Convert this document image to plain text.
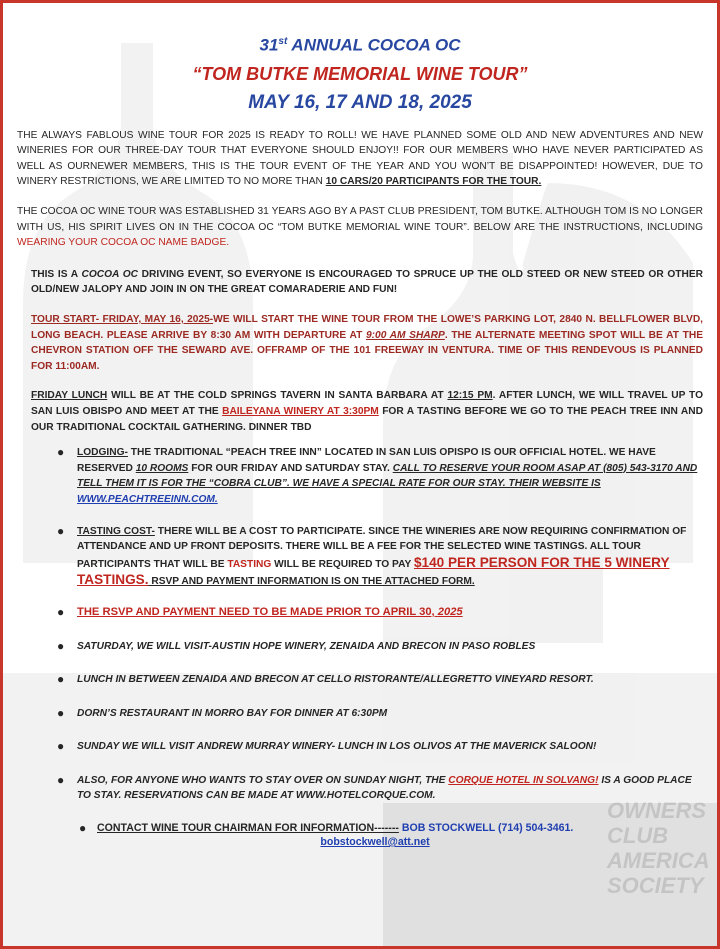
OWNERS
CLUB
AMERICA
SOCIETY

31st ANNUAL COCOA OC

“TOM BUTKE MEMORIAL WINE TOUR”

MAY 16, 17 AND 18, 2025

THE ALWAYS FABLOUS WINE TOUR FOR 2025 IS READY TO ROLL! WE HAVE PLANNED SOME OLD AND NEW ADVENTURES AND NEW WINERIES FOR OUR THREE-DAY TOUR THAT EVERYONE SHOULD ENJOY!! FOR OUR MEMBERS WHO HAVE NEVER PARTICIPATED AS WELL AS OURNEWER MEMBERS, THIS IS THE TOUR EVENT OF THE YEAR AND YOU WON’T BE DISAPPOINTED! HOWEVER, DUE TO WINERY RESTRICTIONS, WE ARE LIMITED TO NO MORE THAN 10 CARS/20 PARTICIPANTS FOR THE TOUR.

THE COCOA OC WINE TOUR WAS ESTABLISHED 31 YEARS AGO BY A PAST CLUB PRESIDENT, TOM BUTKE. ALTHOUGH TOM IS NO LONGER WITH US, HIS SPIRIT LIVES ON IN THE COCOA OC “TOM BUTKE MEMORIAL WINE TOUR”. BELOW ARE THE INSTRUCTIONS, INCLUDING WEARING YOUR COCOA OC NAME BADGE.

THIS IS A COCOA OC DRIVING EVENT, SO EVERYONE IS ENCOURAGED TO SPRUCE UP THE OLD STEED OR NEW STEED OR OTHER OLD/NEW JALOPY AND JOIN IN ON THE GREAT COMARADERIE AND FUN!

TOUR START- FRIDAY, MAY 16, 2025-WE WILL START THE WINE TOUR FROM THE LOWE’S PARKING LOT, 2840 N. BELLFLOWER BLVD, LONG BEACH. PLEASE ARRIVE BY 8:30 AM WITH DEPARTURE AT 9:00 AM SHARP. THE ALTERNATE MEETING SPOT WILL BE AT THE CHEVRON STATION OFF THE SEWARD AVE. OFFRAMP OF THE 101 FREEWAY IN VENTURA. TIME OF THIS RENDEVOUS IS PLANNED FOR 11:00AM.

FRIDAY LUNCH WILL BE AT THE COLD SPRINGS TAVERN IN SANTA BARBARA AT 12:15 PM. AFTER LUNCH, WE WILL TRAVEL UP TO SAN LUIS OBISPO AND MEET AT THE BAILEYANA WINERY AT 3:30PM FOR A TASTING BEFORE WE GO TO THE PEACH TREE INN AND OUR TRADITIONAL COCKTAIL GATHERING. DINNER TBD

● LODGING- THE TRADITIONAL “PEACH TREE INN” LOCATED IN SAN LUIS OPISPO IS OUR OFFICIAL HOTEL. WE HAVE RESERVED 10 ROOMS FOR OUR FRIDAY AND SATURDAY STAY. CALL TO RESERVE YOUR ROOM ASAP AT (805) 543-3170 AND TELL THEM IT IS FOR THE “COBRA CLUB”. WE HAVE A SPECIAL RATE FOR OUR STAY. THEIR WEBSITE IS WWW.PEACHTREEINN.COM.
● TASTING COST- THERE WILL BE A COST TO PARTICIPATE. SINCE THE WINERIES ARE NOW REQUIRING CONFIRMATION OF ATTENDANCE AND UP FRONT DEPOSITS. THERE WILL BE A FEE FOR THE SELECTED WINE TASTINGS. ALL TOUR PARTICIPANTS THAT WILL BE TASTING WILL BE REQUIRED TO PAY $140 PER PERSON FOR THE 5 WINERY TASTINGS. RSVP AND PAYMENT INFORMATION IS ON THE ATTACHED FORM.
● THE RSVP AND PAYMENT NEED TO BE MADE PRIOR TO APRIL 30, 2025
● SATURDAY, WE WILL VISIT-AUSTIN HOPE WINERY, ZENAIDA AND BRECON IN PASO ROBLES
● LUNCH IN BETWEEN ZENAIDA AND BRECON AT CELLO RISTORANTE/ALLEGRETTO VINEYARD RESORT.
● DORN’S RESTAURANT IN MORRO BAY FOR DINNER AT 6:30PM
● SUNDAY WE WILL VISIT ANDREW MURRAY WINERY- LUNCH IN LOS OLIVOS AT THE MAVERICK SALOON!
● ALSO, FOR ANYONE WHO WANTS TO STAY OVER ON SUNDAY NIGHT, THE CORQUE HOTEL IN SOLVANG! IS A GOOD PLACE TO STAY. RESERVATIONS CAN BE MADE AT WWW.HOTELCORQUE.COM.

● CONTACT WINE TOUR CHAIRMAN FOR INFORMATION------- BOB STOCKWELL (714) 504-3461.

bobstockwell@att.net
